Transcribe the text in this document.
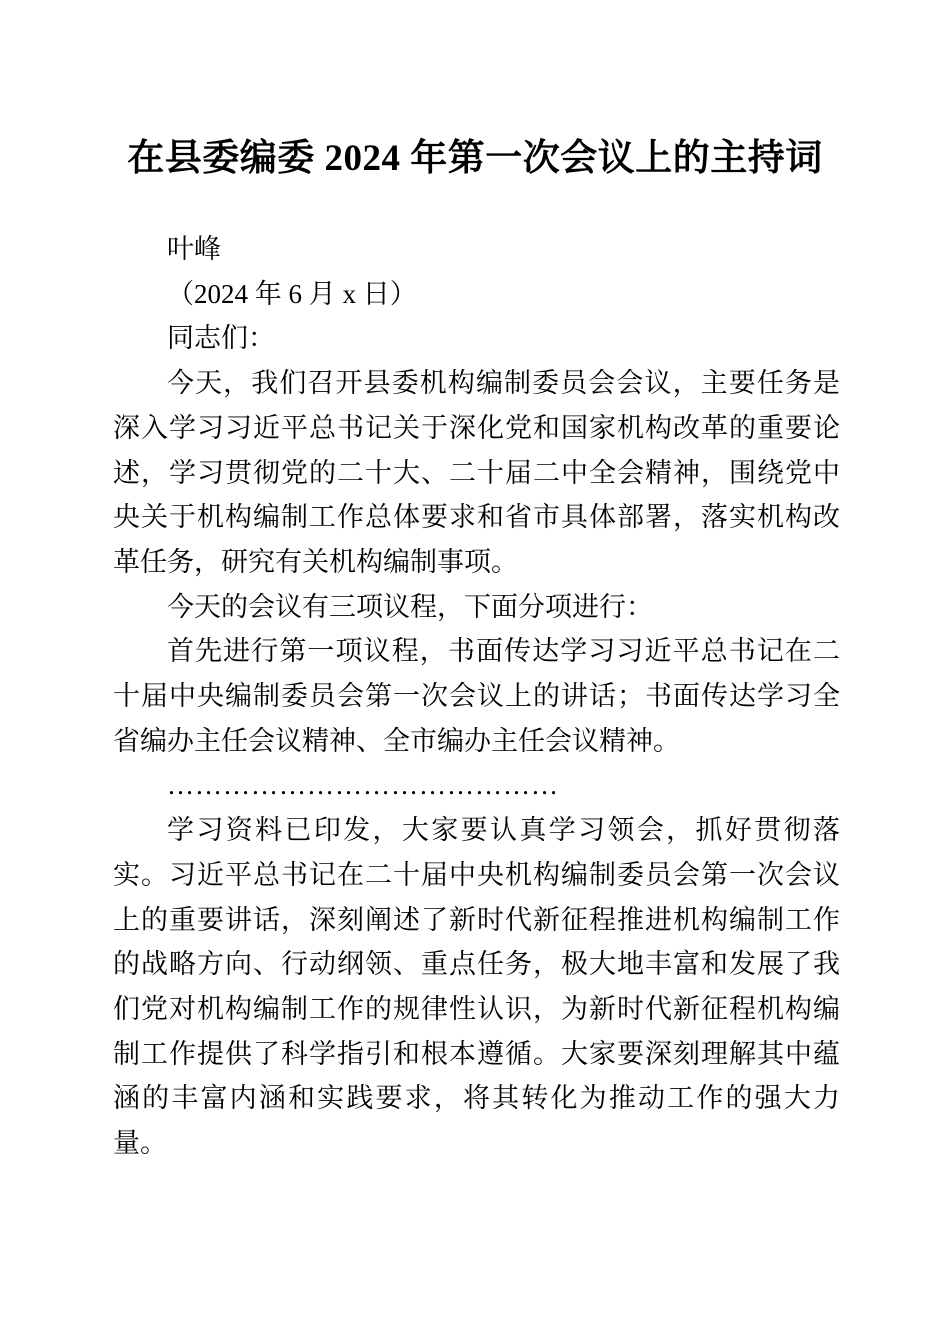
在县委编委 2024 年第一次会议上的主持词

叶峰

（2024 年 6 月 x 日）

同志们：

今天，我们召开县委机构编制委员会会议，主要任务是深入学习习近平总书记关于深化党和国家机构改革的重要论述，学习贯彻党的二十大、二十届二中全会精神，围绕党中央关于机构编制工作总体要求和省市具体部署，落实机构改革任务，研究有关机构编制事项。

今天的会议有三项议程，下面分项进行：

首先进行第一项议程，书面传达学习习近平总书记在二十届中央编制委员会第一次会议上的讲话；书面传达学习全省编办主任会议精神、全市编办主任会议精神。

……………………………………

学习资料已印发，大家要认真学习领会，抓好贯彻落实。习近平总书记在二十届中央机构编制委员会第一次会议上的重要讲话，深刻阐述了新时代新征程推进机构编制工作的战略方向、行动纲领、重点任务，极大地丰富和发展了我们党对机构编制工作的规律性认识，为新时代新征程机构编制工作提供了科学指引和根本遵循。大家要深刻理解其中蕴涵的丰富内涵和实践要求，将其转化为推动工作的强大力量。
